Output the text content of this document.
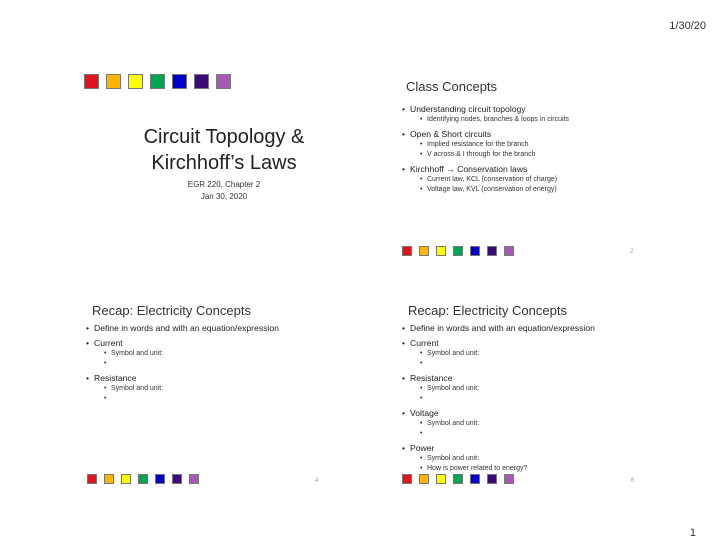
1/30/20
1
Circuit Topology &
Kirchhoff’s Laws
EGR 220, Chapter 2
Jan 30, 2020
Class Concepts
• Understanding circuit topology
• Identifying nodes, branches & loops in circuits
• Open & Short circuits
• Implied resistance for the branch
• V across & I through for the branch
• Kirchhoff → Conservation laws
• Current law, KCL (conservation of charge)
• Voltage law, KVL (conservation of energy)
2
Recap: Electricity Concepts
• Define in words and with an equation/expression
• Current
• Symbol and unit:
•
• Resistance
• Symbol and unit:
•
4
Recap: Electricity Concepts
• Define in words and with an equation/expression
• Current
• Symbol and unit:
•
• Resistance
• Symbol and unit:
•
• Voltage
• Symbol and unit:
•
• Power
• Symbol and unit:
• How is power related to energy?
6
